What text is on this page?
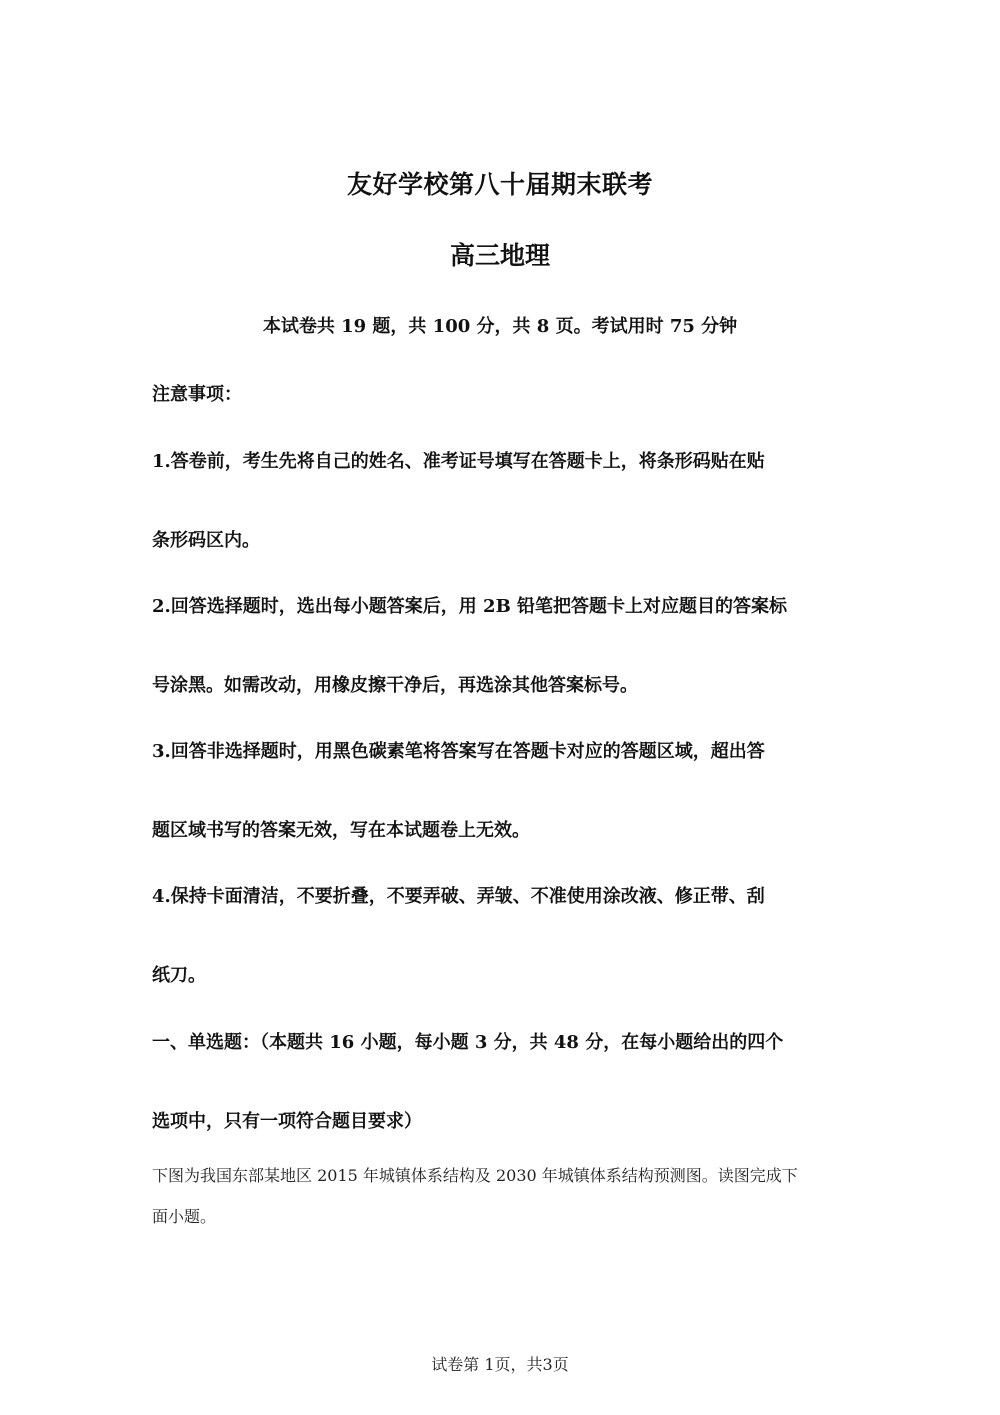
友好学校第八十届期末联考
高三地理
本试卷共 19 题，共 100 分，共 8 页。考试用时 75 分钟
注意事项：
1.答卷前，考生先将自己的姓名、准考证号填写在答题卡上，将条形码贴在贴
条形码区内。
2.回答选择题时，选出每小题答案后，用 2B 铅笔把答题卡上对应题目的答案标
号涂黑。如需改动，用橡皮擦干净后，再选涂其他答案标号。
3.回答非选择题时，用黑色碳素笔将答案写在答题卡对应的答题区域，超出答
题区域书写的答案无效，写在本试题卷上无效。
4.保持卡面清洁，不要折叠，不要弄破、弄皱、不准使用涂改液、修正带、刮
纸刀。
一、单选题：（本题共 16 小题，每小题 3 分，共 48 分，在每小题给出的四个
选项中，只有一项符合题目要求）
下图为我国东部某地区 2015 年城镇体系结构及 2030 年城镇体系结构预测图。读图完成下
面小题。
试卷第 1页，共3页
